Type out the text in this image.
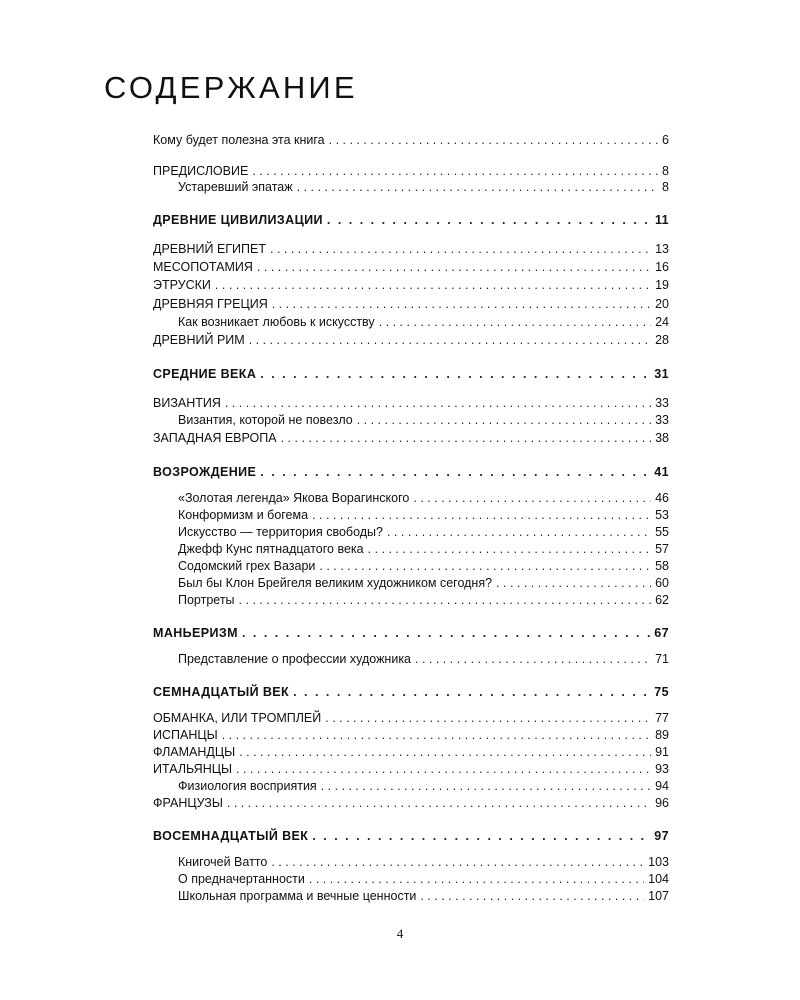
СОДЕРЖАНИЕ
Кому будет полезна эта книга . . .	6
ПРЕДИСЛОВИЕ . . .	8
Устаревший эпатаж . . .	8
ДРЕВНИЕ ЦИВИЛИЗАЦИИ . . .	11
ДРЕВНИЙ ЕГИПЕТ . . .	13
МЕСОПОТАМИЯ . . .	16
ЭТРУСКИ . . .	19
ДРЕВНЯЯ ГРЕЦИЯ . . .	20
Как возникает любовь к искусству . . .	24
ДРЕВНИЙ РИМ . . .	28
СРЕДНИЕ ВЕКА . . .	31
ВИЗАНТИЯ . . .	33
Византия, которой не повезло . . .	33
ЗАПАДНАЯ ЕВРОПА . . .	38
ВОЗРОЖДЕНИЕ . . .	41
«Золотая легенда» Якова Ворагинского . . .	46
Конформизм и богема . . .	53
Искусство — территория свободы? . . .	55
Джефф Кунс пятнадцатого века . . .	57
Содомский грех Вазари . . .	58
Был бы Клон Брейгеля великим художником сегодня? . . .	60
Портреты . . .	62
МАНЬЕРИЗМ . . .	67
Представление о профессии художника . . .	71
СЕМНАДЦАТЫЙ ВЕК . . .	75
ОБМАНКА, ИЛИ ТРОМПЛЕЙ . . .	77
ИСПАНЦЫ . . .	89
ФЛАМАНДЦЫ . . .	91
ИТАЛЬЯНЦЫ . . .	93
Физиология восприятия . . .	94
ФРАНЦУЗЫ . . .	96
ВОСЕМНАДЦАТЫЙ ВЕК . . .	97
Книгочей Ватто . . .	103
О предначертанности . . .	104
Школьная программа и вечные ценности . . .	107
4
